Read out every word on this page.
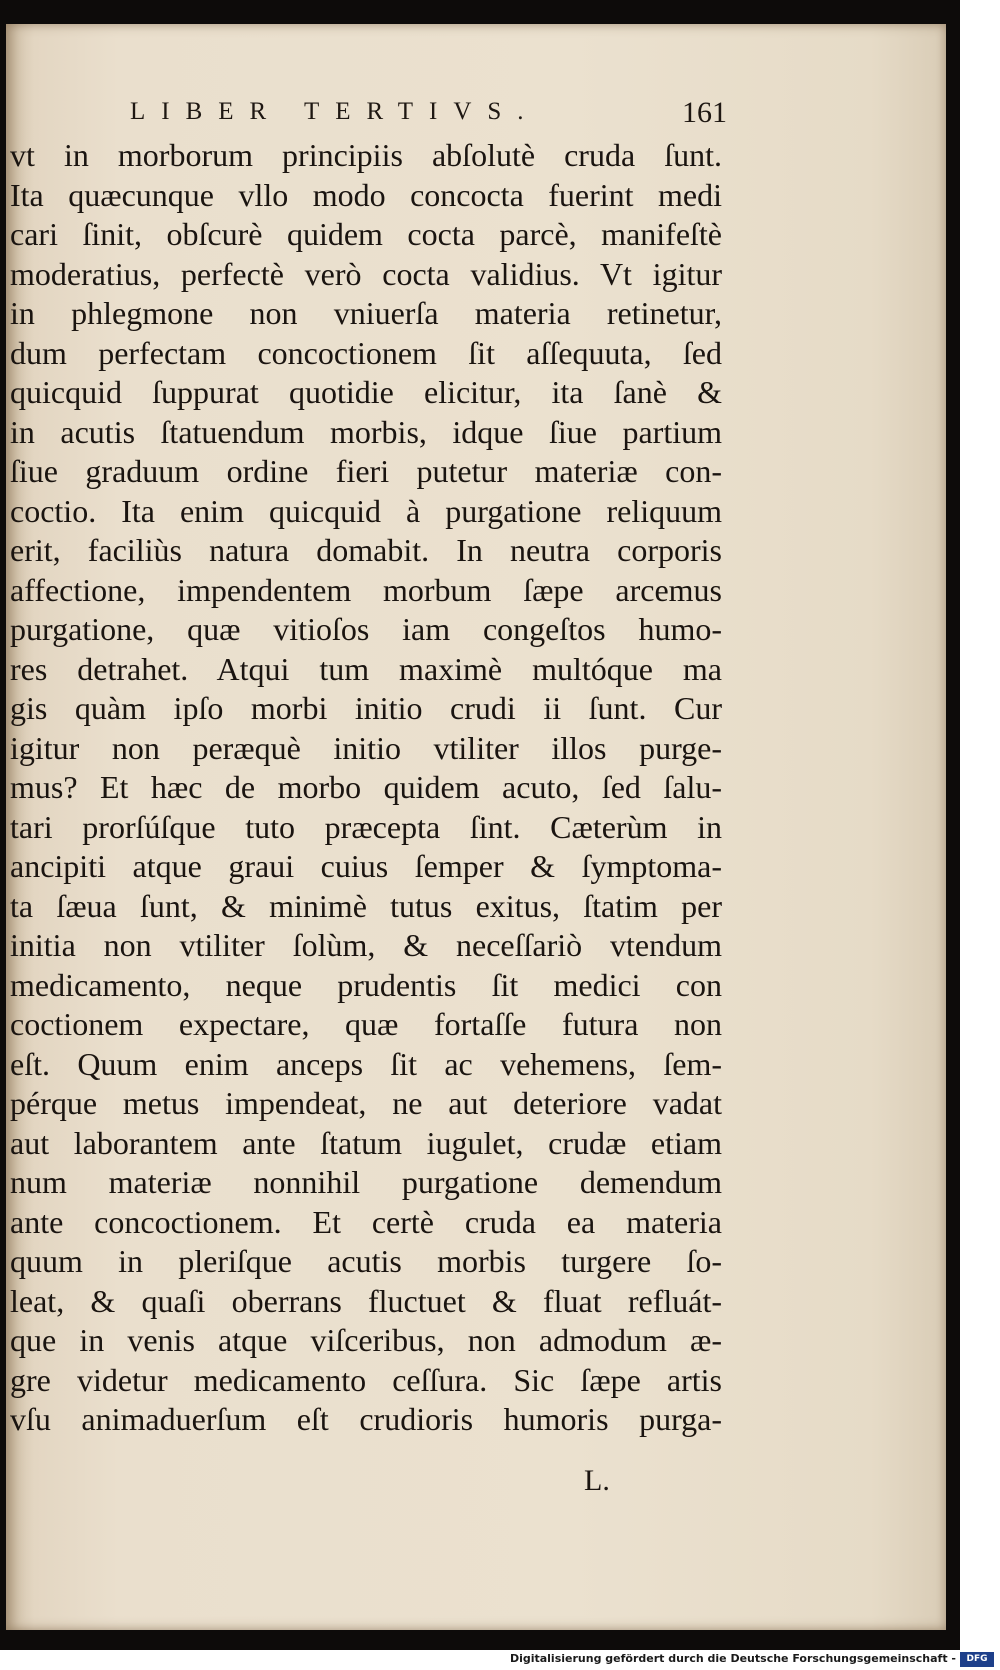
LIBER TERTIVS.	161
vt in morborum principiis abſolutè cruda ſunt.
Ita quæcunque vllo modo concocta fuerint medi
cari ſinit, obſcurè quidem cocta parcè, manifeſtè
moderatius, perfectè verò cocta validius. Vt igitur
in phlegmone non vniuerſa materia retinetur,
dum perfectam concoctionem ſit aſſequuta, ſed
quicquid ſuppurat quotidie elicitur, ita ſanè &
in acutis ſtatuendum morbis, idque ſiue partium
ſiue graduum ordine fieri putetur materiæ con-
coctio. Ita enim quicquid à purgatione reliquum
erit, faciliùs natura domabit. In neutra corporis
affectione, impendentem morbum ſæpe arcemus
purgatione, quæ vitioſos iam congeſtos humo-
res detrahet. Atqui tum maximè multóque ma
gis quàm ipſo morbi initio crudi ii ſunt. Cur
igitur non peræquè initio vtiliter illos purge-
mus? Et hæc de morbo quidem acuto, ſed ſalu-
tari prorſúſque tuto præcepta ſint. Cæterùm in
ancipiti atque graui cuius ſemper & ſymptoma-
ta ſæua ſunt, & minimè tutus exitus, ſtatim per
initia non vtiliter ſolùm, & neceſſariò vtendum
medicamento, neque prudentis ſit medici con
coctionem expectare, quæ fortaſſe futura non
eſt. Quum enim anceps ſit ac vehemens, ſem-
pérque metus impendeat, ne aut deteriore vadat
aut laborantem ante ſtatum iugulet, crudæ etiam
num materiæ nonnihil purgatione demendum
ante concoctionem. Et certè cruda ea materia
quum in pleriſque acutis morbis turgere ſo-
leat, & quaſi oberrans fluctuet & fluat refluát-
que in venis atque viſceribus, non admodum æ-
gre videtur medicamento ceſſura. Sic ſæpe artis
vſu animaduerſum eſt crudioris humoris purga-
L.
Digitalisierung gefördert durch die Deutsche Forschungsgemeinschaft -	DFG
